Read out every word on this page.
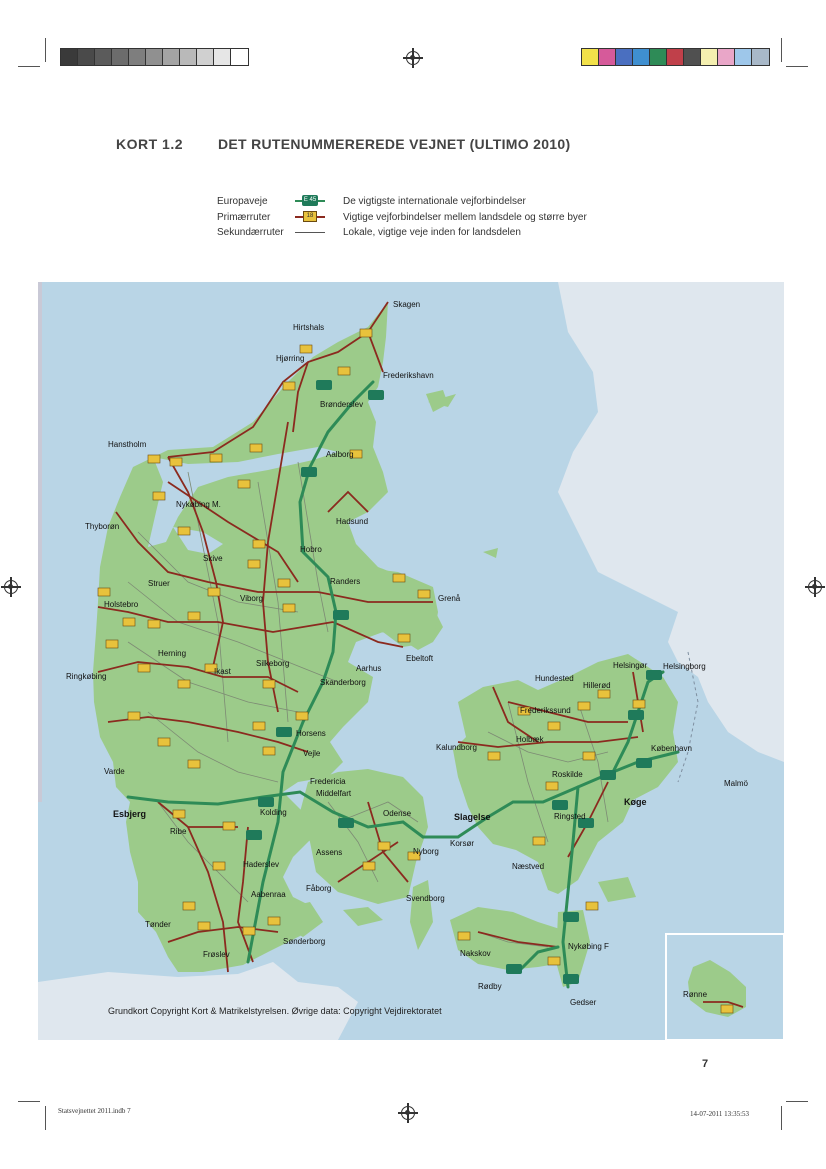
KORT 1.2 DET RUTENUMMEREREDE VEJNET (ULTIMO 2010)
Europaveje	E 45	De vigtigste internationale vejforbindelser
Primærruter	18	Vigtige vejforbindelser mellem landsdele og større byer
Sekundærruter	Lokale, vigtige veje inden for landsdelen
Skagen
Hirtshals
Hjørring
Frederikshavn
Brønderslev
Aalborg
Hanstholm
Nykøbing M.
Thyborøn
Hadsund
Hobro
Skive
Randers
Grenå
Struer
Holstebro
Viborg
Herning
Ikast
Silkeborg
Aarhus
Ebeltoft
Ringkøbing
Skanderborg
Horsens
Vejle
Fredericia
Middelfart
Varde
Esbjerg	Kolding
Ribe
Haderslev
Aabenraa
Tønder
Frøslev
Sønderborg
Odense
Assens	Nyborg
Fåborg
Svendborg
Slagelse
Korsør
Kalundborg
Holbæk
Roskilde
Ringsted
Køge
Næstved
Hundested
Frederikssund
Hillerød
Helsingør Helsingborg
København
Malmö
Nakskov
Nykøbing F
Rødby
Gedser
Rønne
Grundkort Copyright Kort & Matrikelstyrelsen. Øvrige data: Copyright Vejdirektoratet
7
Statsvejnettet 2011.indb 7	14-07-2011 13:35:53
